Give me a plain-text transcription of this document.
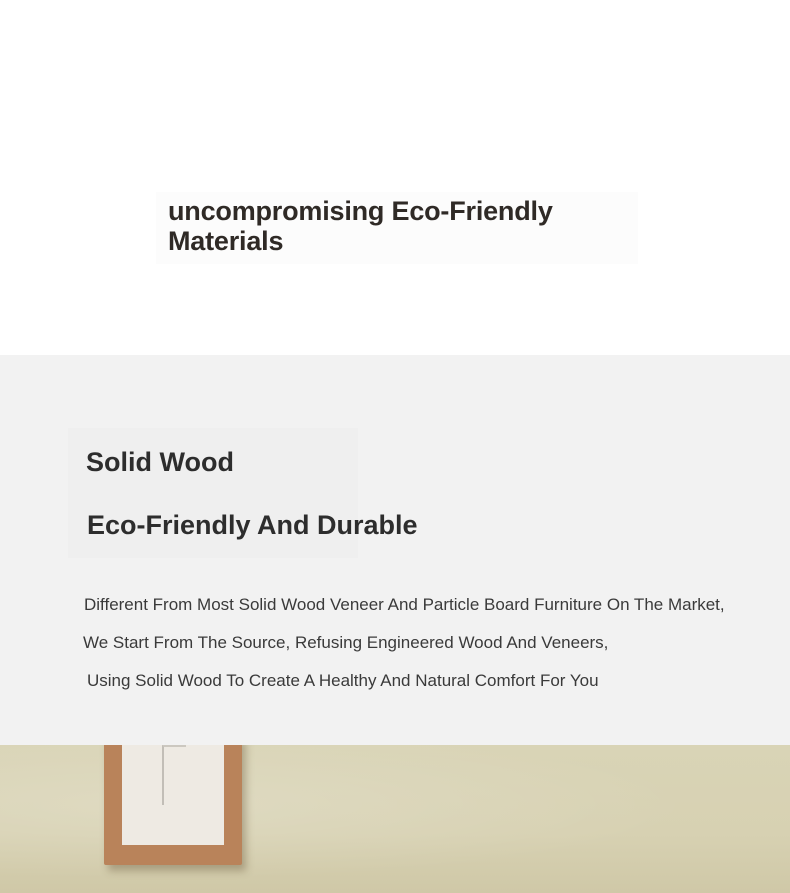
uncompromising Eco-Friendly Materials
Solid Wood
Eco-Friendly And Durable

Different From Most Solid Wood Veneer And Particle Board Furniture On The Market,

We Start From The Source, Refusing Engineered Wood And Veneers,

Using Solid Wood To Create A Healthy And Natural Comfort For You
